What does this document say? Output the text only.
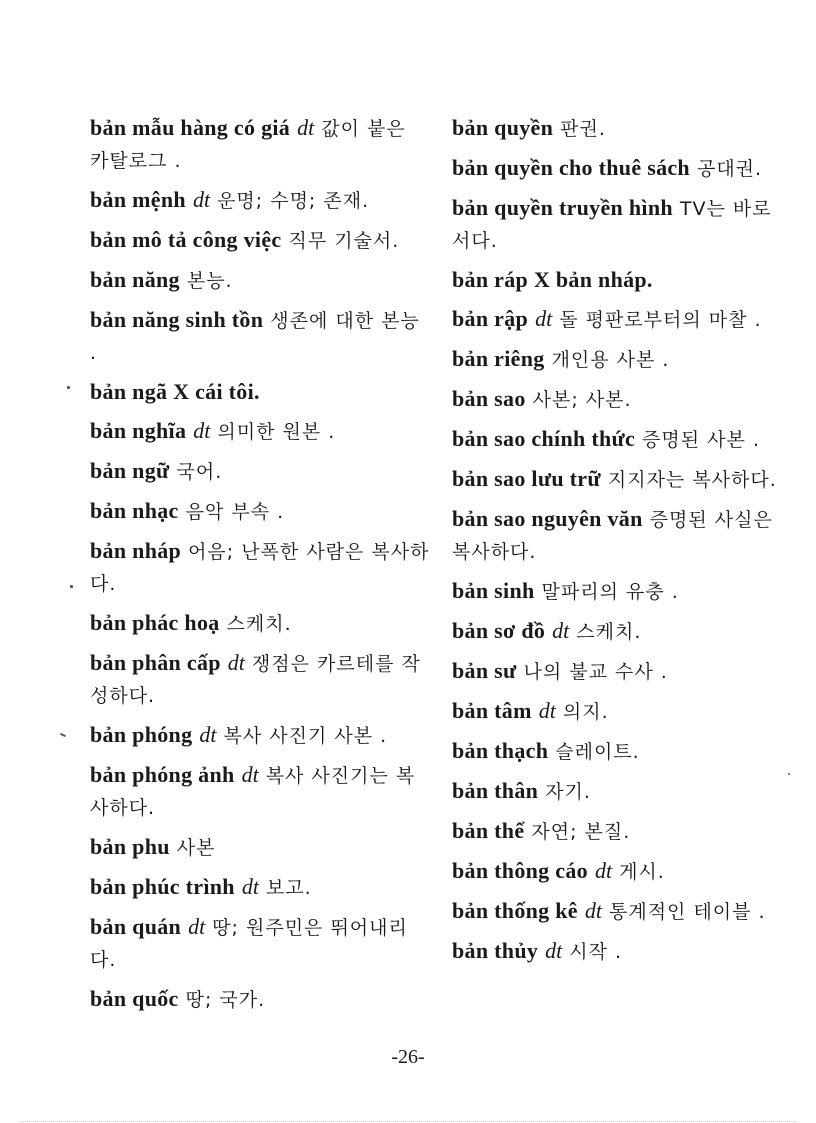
bản mẫu hàng có giá dt 값이 붙은 카탈로그 .
bản mệnh dt 운명; 수명; 존재.
bản mô tả công việc 직무 기술서.
bản năng 본능.
bản năng sinh tồn 생존에 대한 본능 .
bản ngã X cái tôi.
bản nghĩa dt 의미한 원본 .
bản ngữ 국어.
bản nhạc 음악 부속 .
bản nháp 어음; 난폭한 사람은 복사하다.
bản phác hoạ 스케치.
bản phân cấp dt 쟁점은 카르테를 작성하다.
bản phóng dt 복사 사진기 사본 .
bản phóng ảnh dt 복사 사진기는 복사하다.
bản phu 사본
bản phúc trình dt 보고.
bản quán dt 땅; 원주민은 뛰어내리다.
bản quốc 땅; 국가.
bản quyền 판권.
bản quyền cho thuê sách 공대권.
bản quyền truyền hình TV는 바로 서다.
bản ráp X bản nháp.
bản rập dt 돌 평판로부터의 마찰 .
bản riêng 개인용 사본 .
bản sao 사본; 사본.
bản sao chính thức 증명된 사본 .
bản sao lưu trữ 지지자는 복사하다.
bản sao nguyên văn 증명된 사실은 복사하다.
bản sinh 말파리의 유충 .
bản sơ đồ dt 스케치.
bản sư 나의 불교 수사 .
bản tâm dt 의지.
bản thạch 슬레이트.
bản thân 자기.
bản thể 자연; 본질.
bản thông cáo dt 게시.
bản thống kê dt 통계적인 테이블 .
bản thủy dt 시작 .
-26-
